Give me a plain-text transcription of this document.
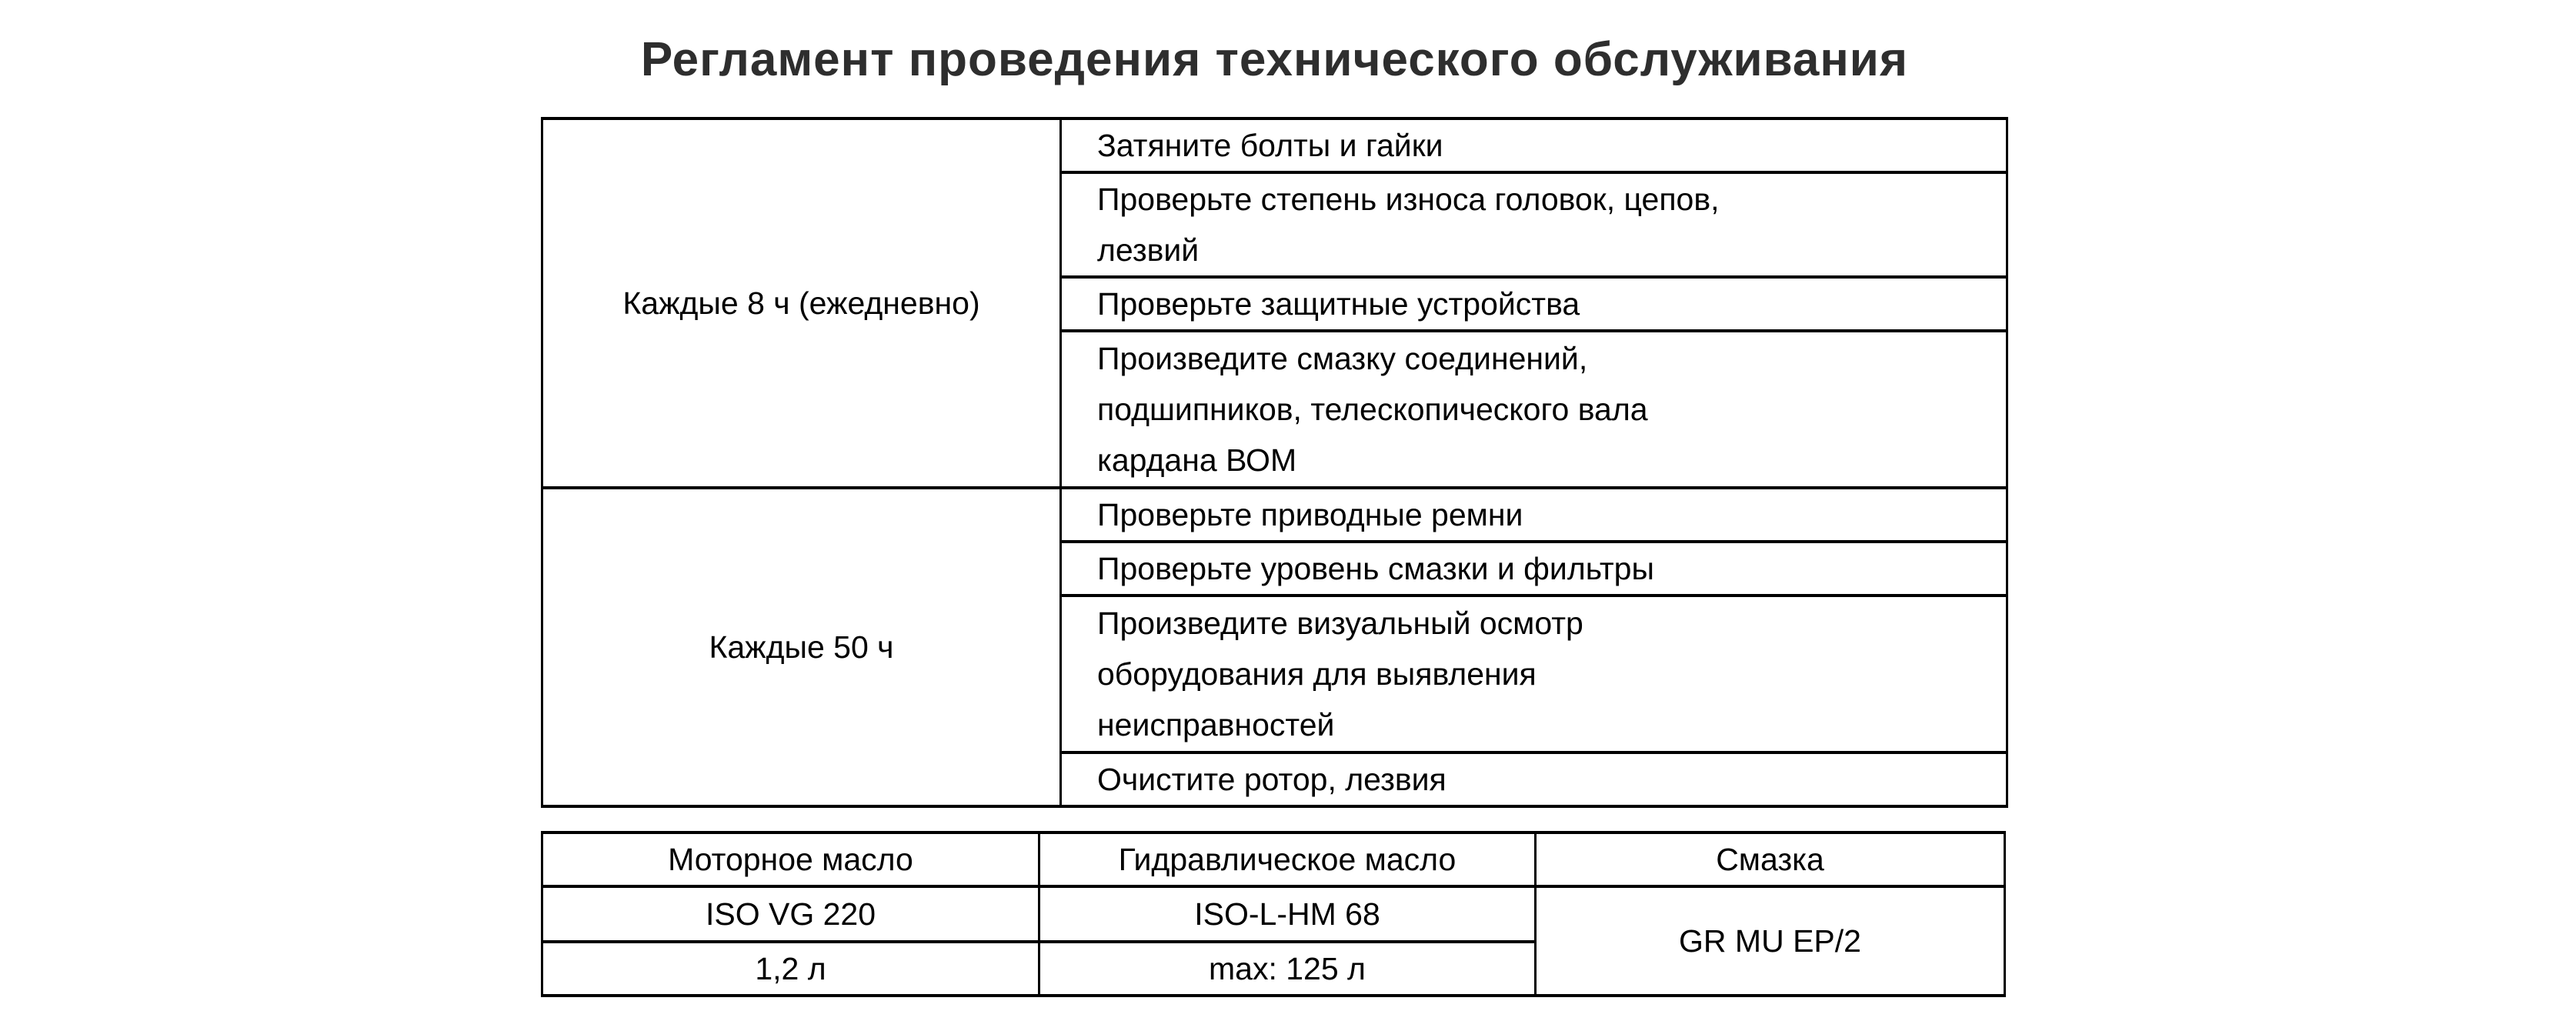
Регламент проведения технического обслуживания
Каждые 8 ч (ежедневно)	Затяните болты и гайки

	Проверьте степень износа головок, цепов,
лезвий

	Проверьте защитные устройства

	Произведите смазку соединений,
подшипников, телескопического вала
кардана ВОМ

Каждые 50 ч	Проверьте приводные ремни

	Проверьте уровень смазки и фильтры

	Произведите визуальный осмотр
оборудования для выявления
неисправностей

	Очистите ротор, лезвия
Моторное масло	Гидравлическое масло	Смазка
ISO VG 220	ISO-L-HM 68	GR MU EP/2
1,2 л	max: 125 л	
